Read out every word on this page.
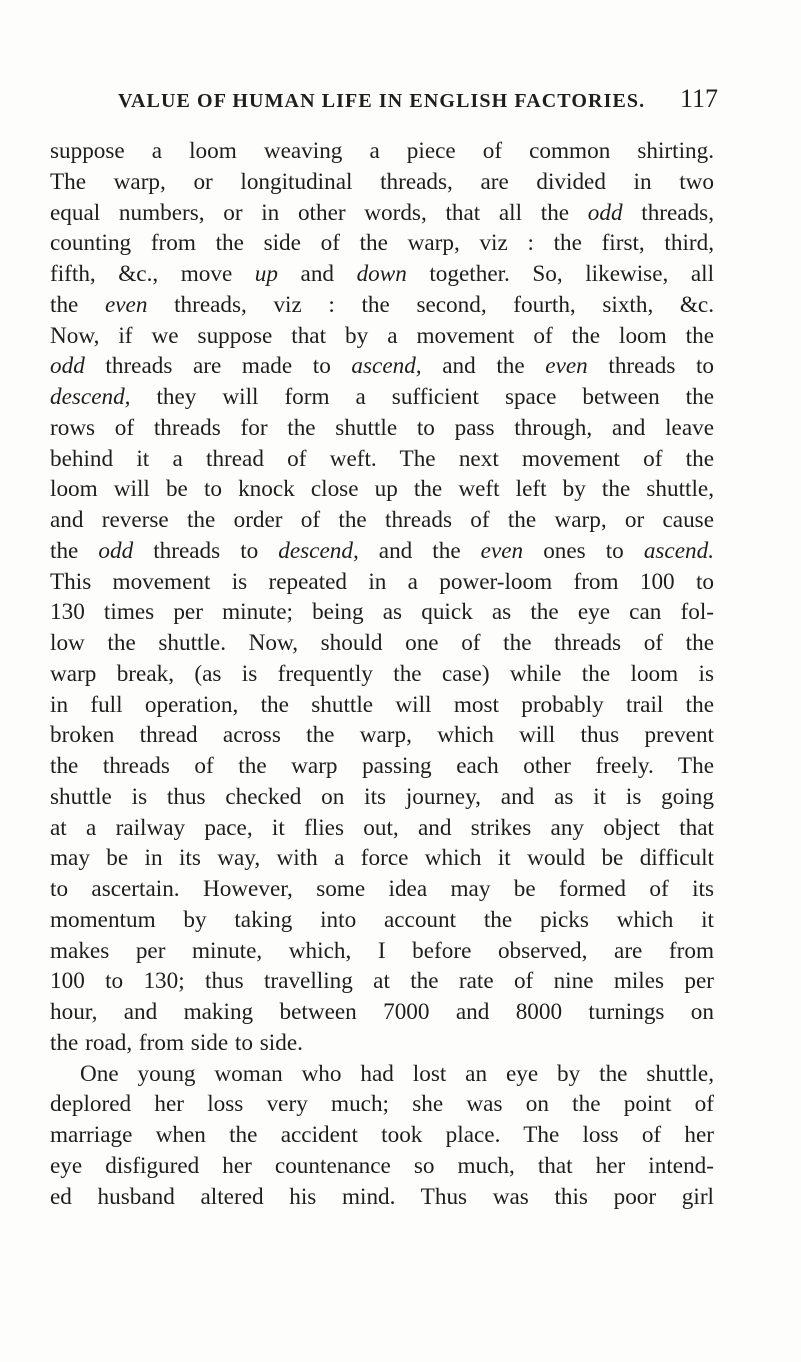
VALUE OF HUMAN LIFE IN ENGLISH FACTORIES. 117
suppose a loom weaving a piece of common shirting.
The warp, or longitudinal threads, are divided in two
equal numbers, or in other words, that all the odd threads,
counting from the side of the warp, viz : the first, third,
fifth, &c., move up and down together. So, likewise, all
the even threads, viz : the second, fourth, sixth, &c.
Now, if we suppose that by a movement of the loom the
odd threads are made to ascend, and the even threads to
descend, they will form a sufficient space between the
rows of threads for the shuttle to pass through, and leave
behind it a thread of weft. The next movement of the
loom will be to knock close up the weft left by the shuttle,
and reverse the order of the threads of the warp, or cause
the odd threads to descend, and the even ones to ascend.
This movement is repeated in a power-loom from 100 to
130 times per minute; being as quick as the eye can fol-
low the shuttle. Now, should one of the threads of the
warp break, (as is frequently the case) while the loom is
in full operation, the shuttle will most probably trail the
broken thread across the warp, which will thus prevent
the threads of the warp passing each other freely. The
shuttle is thus checked on its journey, and as it is going
at a railway pace, it flies out, and strikes any object that
may be in its way, with a force which it would be difficult
to ascertain. However, some idea may be formed of its
momentum by taking into account the picks which it
makes per minute, which, I before observed, are from
100 to 130; thus travelling at the rate of nine miles per
hour, and making between 7000 and 8000 turnings on
the road, from side to side.
One young woman who had lost an eye by the shuttle,
deplored her loss very much; she was on the point of
marriage when the accident took place. The loss of her
eye disfigured her countenance so much, that her intend-
ed husband altered his mind. Thus was this poor girl
